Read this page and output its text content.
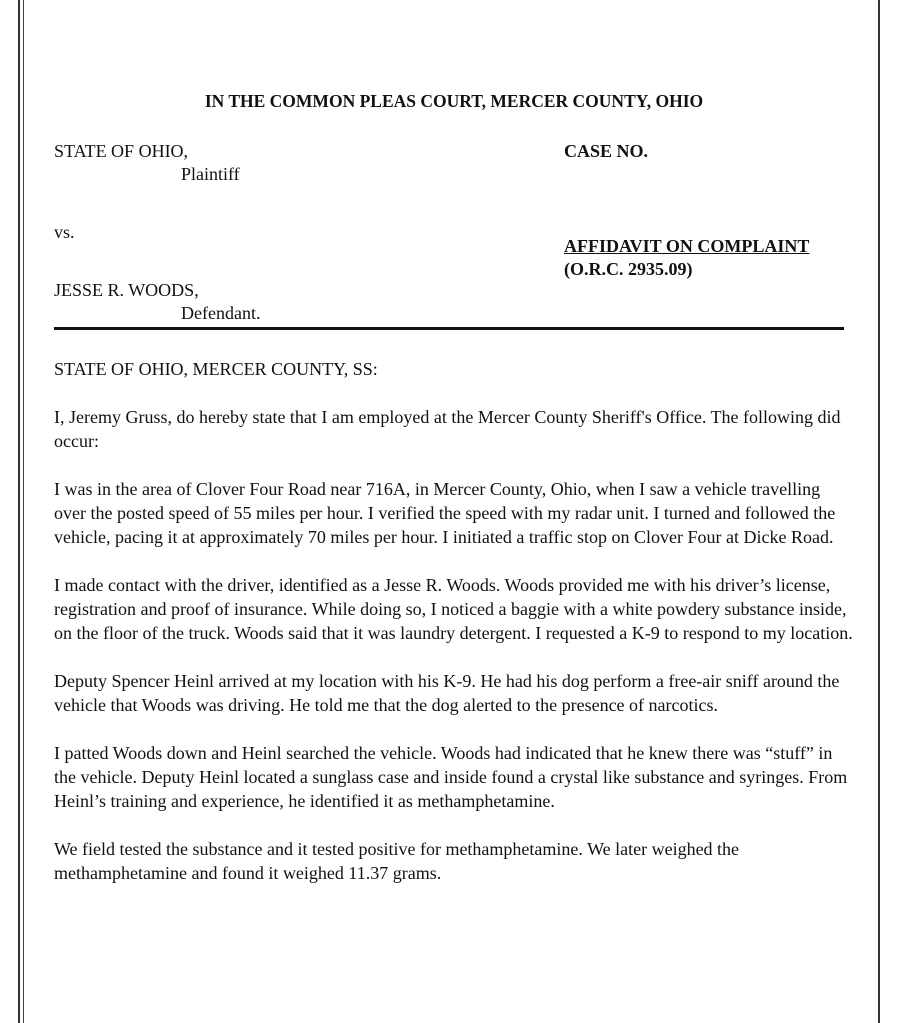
IN THE COMMON PLEAS COURT, MERCER COUNTY, OHIO
STATE OF OHIO,
Plaintiff
vs.
JESSE R. WOODS,
Defendant.
CASE NO.
AFFIDAVIT ON COMPLAINT
(O.R.C. 2935.09)

STATE OF OHIO, MERCER COUNTY, SS:

I, Jeremy Gruss, do hereby state that I am employed at the Mercer County Sheriff's Office. The following did occur:

I was in the area of Clover Four Road near 716A, in Mercer County, Ohio, when I saw a vehicle travelling over the posted speed of 55 miles per hour. I verified the speed with my radar unit. I turned and followed the vehicle, pacing it at approximately 70 miles per hour. I initiated a traffic stop on Clover Four at Dicke Road.

I made contact with the driver, identified as a Jesse R. Woods. Woods provided me with his driver’s license, registration and proof of insurance. While doing so, I noticed a baggie with a white powdery substance inside, on the floor of the truck. Woods said that it was laundry detergent. I requested a K-9 to respond to my location.

Deputy Spencer Heinl arrived at my location with his K-9. He had his dog perform a free-air sniff around the vehicle that Woods was driving. He told me that the dog alerted to the presence of narcotics.

I patted Woods down and Heinl searched the vehicle. Woods had indicated that he knew there was “stuff” in the vehicle. Deputy Heinl located a sunglass case and inside found a crystal like substance and syringes. From Heinl’s training and experience, he identified it as methamphetamine.

We field tested the substance and it tested positive for methamphetamine. We later weighed the methamphetamine and found it weighed 11.37 grams.
